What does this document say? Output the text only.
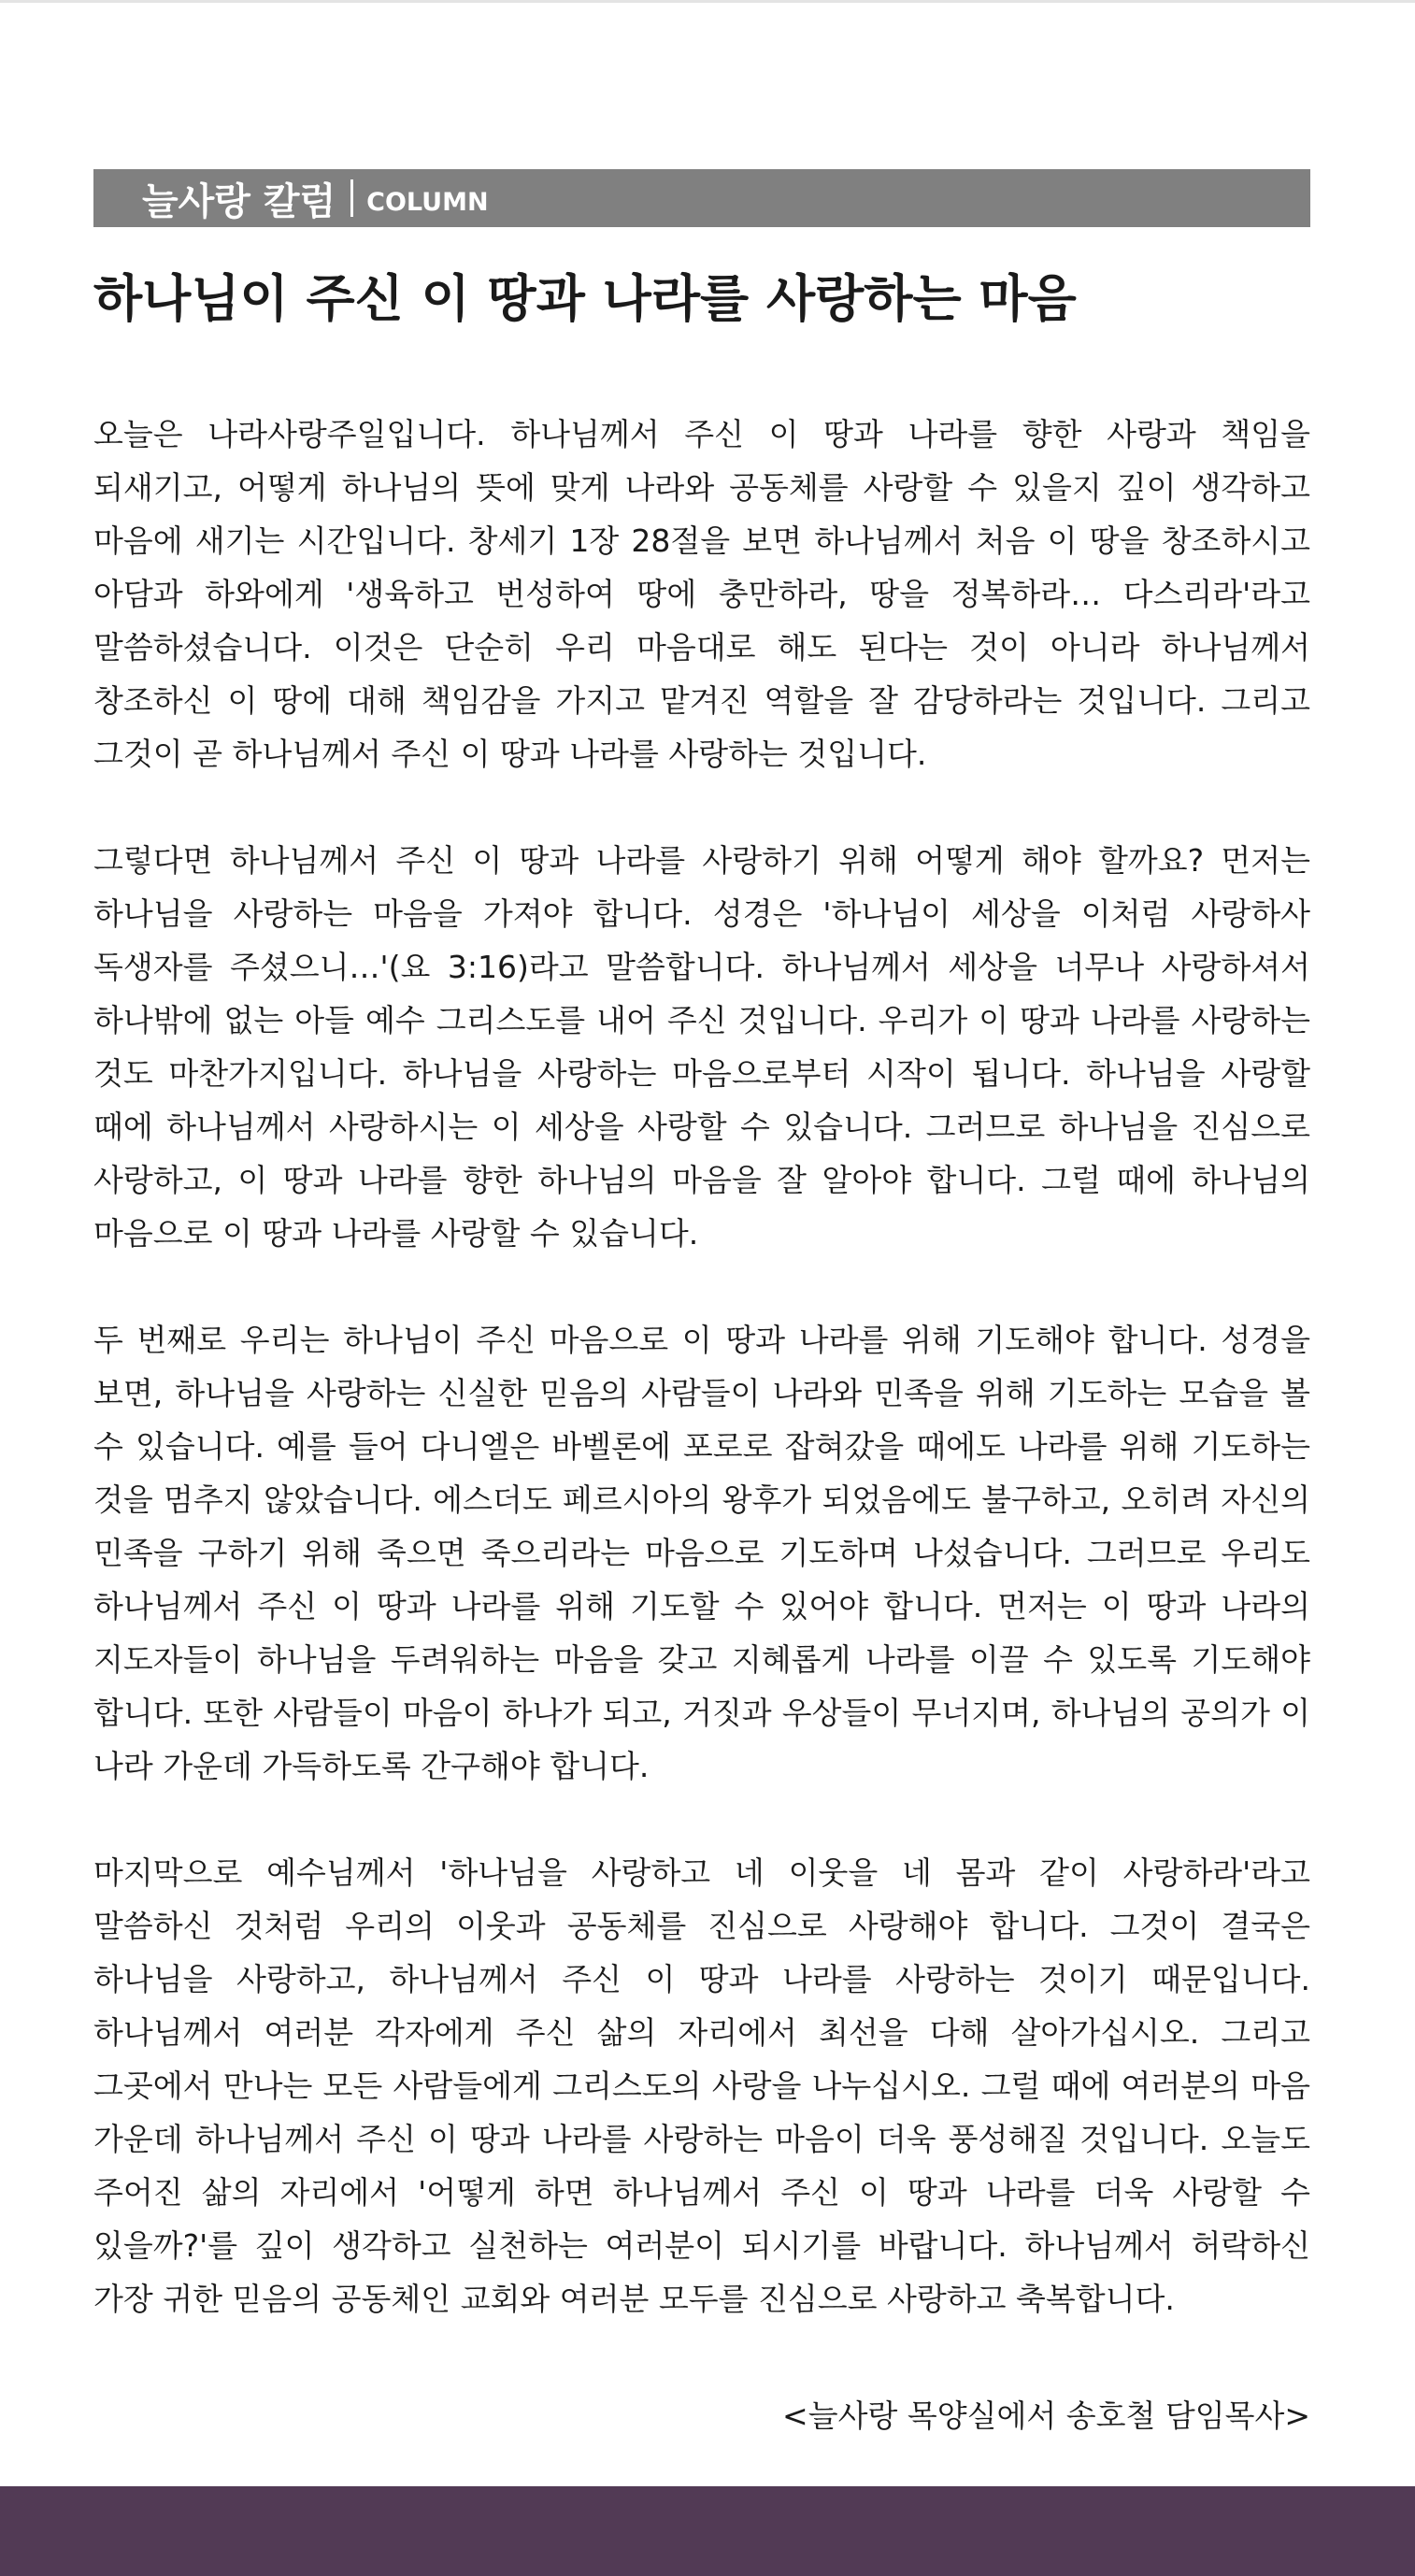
늘사랑 칼럼 COLUMN
하나님이 주신 이 땅과 나라를 사랑하는 마음

오늘은 나라사랑주일입니다. 하나님께서 주신 이 땅과 나라를 향한 사랑과 책임을 되새기고, 어떻게 하나님의 뜻에 맞게 나라와 공동체를 사랑할 수 있을지 깊이 생각하고 마음에 새기는 시간입니다. 창세기 1장 28절을 보면 하나님께서 처음 이 땅을 창조하시고 아담과 하와에게 '생육하고 번성하여 땅에 충만하라, 땅을 정복하라… 다스리라'라고 말씀하셨습니다. 이것은 단순히 우리 마음대로 해도 된다는 것이 아니라 하나님께서 창조하신 이 땅에 대해 책임감을 가지고 맡겨진 역할을 잘 감당하라는 것입니다. 그리고 그것이 곧 하나님께서 주신 이 땅과 나라를 사랑하는 것입니다.

그렇다면 하나님께서 주신 이 땅과 나라를 사랑하기 위해 어떻게 해야 할까요? 먼저는 하나님을 사랑하는 마음을 가져야 합니다. 성경은 '하나님이 세상을 이처럼 사랑하사 독생자를 주셨으니…'(요 3:16)라고 말씀합니다. 하나님께서 세상을 너무나 사랑하셔서 하나밖에 없는 아들 예수 그리스도를 내어 주신 것입니다. 우리가 이 땅과 나라를 사랑하는 것도 마찬가지입니다. 하나님을 사랑하는 마음으로부터 시작이 됩니다. 하나님을 사랑할 때에 하나님께서 사랑하시는 이 세상을 사랑할 수 있습니다. 그러므로 하나님을 진심으로 사랑하고, 이 땅과 나라를 향한 하나님의 마음을 잘 알아야 합니다. 그럴 때에 하나님의 마음으로 이 땅과 나라를 사랑할 수 있습니다.

두 번째로 우리는 하나님이 주신 마음으로 이 땅과 나라를 위해 기도해야 합니다. 성경을 보면, 하나님을 사랑하는 신실한 믿음의 사람들이 나라와 민족을 위해 기도하는 모습을 볼 수 있습니다. 예를 들어 다니엘은 바벨론에 포로로 잡혀갔을 때에도 나라를 위해 기도하는 것을 멈추지 않았습니다. 에스더도 페르시아의 왕후가 되었음에도 불구하고, 오히려 자신의 민족을 구하기 위해 죽으면 죽으리라는 마음으로 기도하며 나섰습니다. 그러므로 우리도 하나님께서 주신 이 땅과 나라를 위해 기도할 수 있어야 합니다. 먼저는 이 땅과 나라의 지도자들이 하나님을 두려워하는 마음을 갖고 지혜롭게 나라를 이끌 수 있도록 기도해야 합니다. 또한 사람들이 마음이 하나가 되고, 거짓과 우상들이 무너지며, 하나님의 공의가 이 나라 가운데 가득하도록 간구해야 합니다.

마지막으로 예수님께서 '하나님을 사랑하고 네 이웃을 네 몸과 같이 사랑하라'라고 말씀하신 것처럼 우리의 이웃과 공동체를 진심으로 사랑해야 합니다. 그것이 결국은 하나님을 사랑하고, 하나님께서 주신 이 땅과 나라를 사랑하는 것이기 때문입니다. 하나님께서 여러분 각자에게 주신 삶의 자리에서 최선을 다해 살아가십시오. 그리고 그곳에서 만나는 모든 사람들에게 그리스도의 사랑을 나누십시오. 그럴 때에 여러분의 마음 가운데 하나님께서 주신 이 땅과 나라를 사랑하는 마음이 더욱 풍성해질 것입니다. 오늘도 주어진 삶의 자리에서 '어떻게 하면 하나님께서 주신 이 땅과 나라를 더욱 사랑할 수 있을까?'를 깊이 생각하고 실천하는 여러분이 되시기를 바랍니다. 하나님께서 허락하신 가장 귀한 믿음의 공동체인 교회와 여러분 모두를 진심으로 사랑하고 축복합니다.

<늘사랑 목양실에서 송호철 담임목사>
